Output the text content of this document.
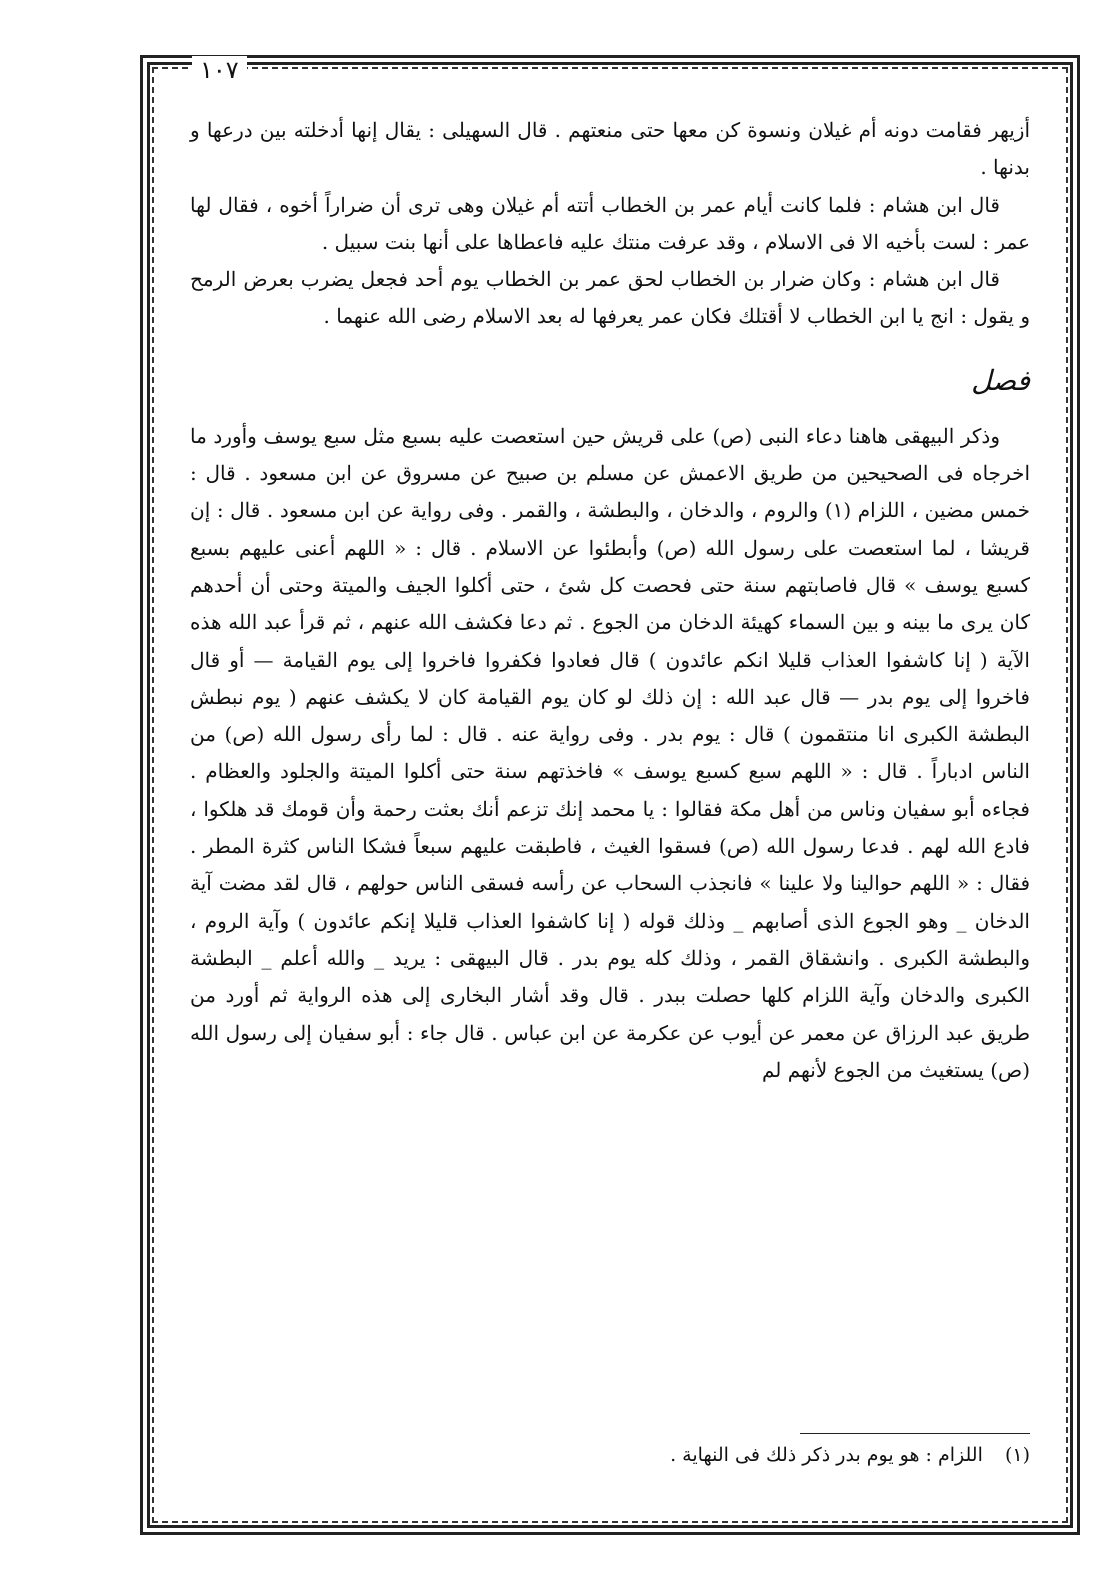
١٠٧

أزيهر فقامت دونه أم غيلان ونسوة كن معها حتى منعتهم . قال السهيلى : يقال إنها أدخلته بين درعها و بدنها .

قال ابن هشام : فلما كانت أيام عمر بن الخطاب أتته أم غيلان وهى ترى أن ضراراً أخوه ، فقال لها عمر : لست بأخيه الا فى الاسلام ، وقد عرفت منتك عليه فاعطاها على أنها بنت سبيل .

قال ابن هشام : وكان ضرار بن الخطاب لحق عمر بن الخطاب يوم أحد فجعل يضرب بعرض الرمح و يقول : انج يا ابن الخطاب لا أقتلك فكان عمر يعرفها له بعد الاسلام رضى الله عنهما .

فصل

وذكر البيهقى هاهنا دعاء النبى (ص) على قريش حين استعصت عليه بسبع مثل سبع يوسف وأورد ما اخرجاه فى الصحيحين من طريق الاعمش عن مسلم بن صبيح عن مسروق عن ابن مسعود . قال : خمس مضين ، اللزام (١) والروم ، والدخان ، والبطشة ، والقمر . وفى رواية عن ابن مسعود . قال : إن قريشا ، لما استعصت على رسول الله (ص) وأبطئوا عن الاسلام . قال : « اللهم أعنى عليهم بسبع كسبع يوسف » قال فاصابتهم سنة حتى فحصت كل شئ ، حتى أكلوا الجيف والميتة وحتى أن أحدهم كان يرى ما بينه و بين السماء كهيئة الدخان من الجوع . ثم دعا فكشف الله عنهم ، ثم قرأ عبد الله هذه الآية ( إنا كاشفوا العذاب قليلا انكم عائدون ) قال فعادوا فكفروا فاخروا إلى يوم القيامة — أو قال فاخروا إلى يوم بدر — قال عبد الله : إن ذلك لو كان يوم القيامة كان لا يكشف عنهم ( يوم نبطش البطشة الكبرى انا منتقمون ) قال : يوم بدر . وفى رواية عنه . قال : لما رأى رسول الله (ص) من الناس ادباراً . قال : « اللهم سبع كسبع يوسف » فاخذتهم سنة حتى أكلوا الميتة والجلود والعظام . فجاءه أبو سفيان وناس من أهل مكة فقالوا : يا محمد إنك تزعم أنك بعثت رحمة وأن قومك قد هلكوا ، فادع الله لهم . فدعا رسول الله (ص) فسقوا الغيث ، فاطبقت عليهم سبعاً فشكا الناس كثرة المطر . فقال : « اللهم حوالينا ولا علينا » فانجذب السحاب عن رأسه فسقى الناس حولهم ، قال لقد مضت آية الدخان _ وهو الجوع الذى أصابهم _ وذلك قوله ( إنا كاشفوا العذاب قليلا إنكم عائدون ) وآية الروم ، والبطشة الكبرى . وانشقاق القمر ، وذلك كله يوم بدر . قال البيهقى : يريد _ والله أعلم _ البطشة الكبرى والدخان وآية اللزام كلها حصلت ببدر . قال وقد أشار البخارى إلى هذه الرواية ثم أورد من طريق عبد الرزاق عن معمر عن أيوب عن عكرمة عن ابن عباس . قال جاء : أبو سفيان إلى رسول الله (ص) يستغيث من الجوع لأنهم لم

(١) اللزام : هو يوم بدر ذكر ذلك فى النهاية .
